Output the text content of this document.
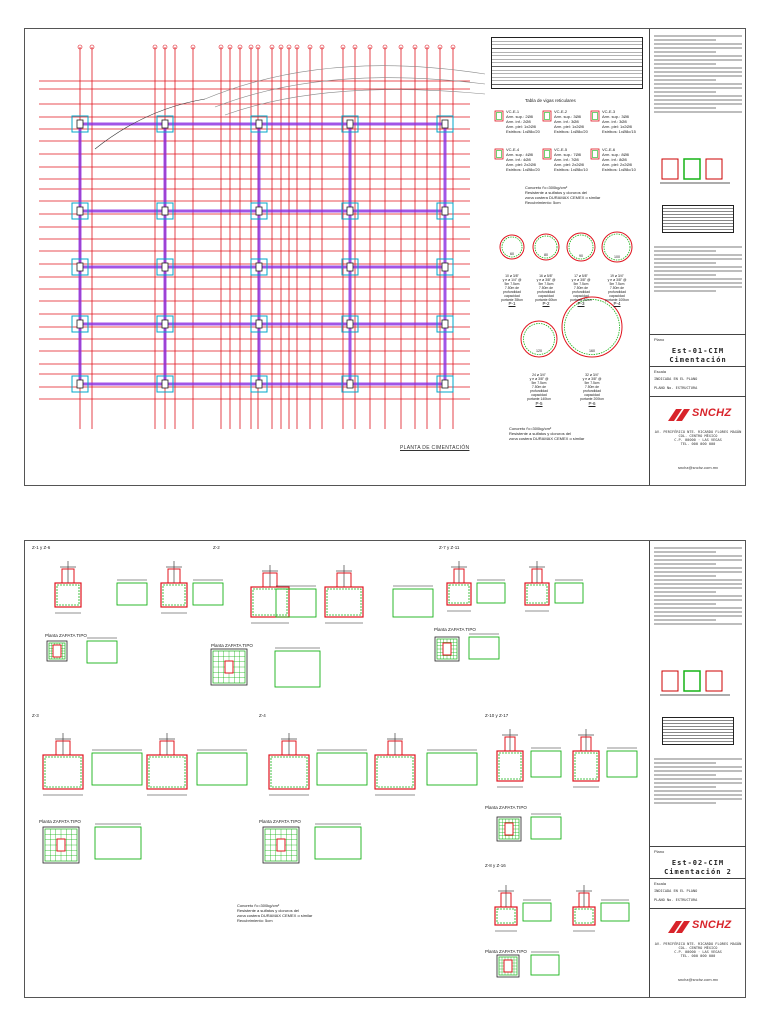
Tabla de vigas reticulares
VC-E-1
Arm. sup.: 2Ø8
Arm. inf.: 2Ø8
Arm. piel: 1x2Ø8
Estribos: 1xØ8c/20
VC-E-2
Arm. sup.: 3Ø8
Arm. inf.: 3Ø8
Arm. piel: 1x2Ø8
Estribos: 1xØ8c/20
VC-E-3
Arm. sup.: 3Ø8
Arm. inf.: 3Ø8
Arm. piel: 1x2Ø8
Estribos: 1xØ8c/15
VC-E-4
Arm. sup.: 4Ø8
Arm. inf.: 4Ø8
Arm. piel: 2x2Ø8
Estribos: 1xØ8c/20
VC-E-5
Arm. sup.: 7Ø8
Arm. inf.: 7Ø8
Arm. piel: 2x2Ø8
Estribos: 1xØ8c/10
VC-E-6
Arm. sup.: 8Ø8
Arm. inf.: 8Ø8
Arm. piel: 2x2Ø8
Estribos: 1xØ8c/10
Concreto f'c=300kg/cm²
Resistente a sulfatos y cloruros del
zona costera DURAMAX CEMEX o similar
Recubrimiento: 5cm
60
10 ø 3/8"
y e ø 1/4" @
5m 7.5cm
7.50m de profundidad
capacidad portante 35ton
P-1
80
16 ø 5/8"
y e ø 3/8" @
5m 7.5cm
7.50m de profundidad
capacidad portante 60ton
P-2
90
17 ø 5/8"
y e ø 3/8" @
5m 7.5cm
7.50m de profundidad
capacidad portante 80ton
P-3
100
19 ø 3/4"
y e ø 3/8" @
5m 7.5cm
7.50m de profundidad
capacidad portante 100ton
P-4
120
24 ø 3/4"
y e ø 3/8" @
5m 7.5cm
7.50m de profundidad
capacidad portante 140ton
P-5
160
32 ø 3/4"
y e ø 3/8" @
5m 7.5cm
7.50m de profundidad
capacidad portante 200ton
P-6
Concreto f'c=300kg/cm²
Resistente a sulfatos y cloruros del
zona costera DURAMAX CEMEX o similar
PLANTA DE CIMENTACIÓN
Plano
Est-01-CIM
Cimentación
Escala
INDICADA EN EL PLANO
PLANO No. ESTRUCTURA
SNCHZ
AV. PERIFÉRICO NTE. RICARDO FLORES MAGÓN
COL. CENTRO MÉXICO
C.P. 00000 · LAS VEGAS
TEL. 000 000 000
snchz@snchz.com.mx
Z-1 y Z-6	Z-2	Z-7 y Z-11
Z-3	Z-4	Z-10 y Z-17
Z-8 y Z-16
Planta ZAPATA TIPO
Planta ZAPATA TIPO
Planta ZAPATA TIPO
Planta ZAPATA TIPO	Planta ZAPATA TIPO
Planta ZAPATA TIPO
Planta ZAPATA TIPO
Concreto f'c=300kg/cm²
Resistente a sulfatos y cloruros del
zona costera DURAMAX CEMEX o similar
Recubrimiento: 5cm
Plano
Est-02-CIM
Cimentación 2
Escala
INDICADA EN EL PLANO
PLANO No. ESTRUCTURA
SNCHZ
AV. PERIFÉRICO NTE. RICARDO FLORES MAGÓN
COL. CENTRO MÉXICO
C.P. 00000 · LAS VEGAS
TEL. 000 000 000
snchz@snchz.com.mx
